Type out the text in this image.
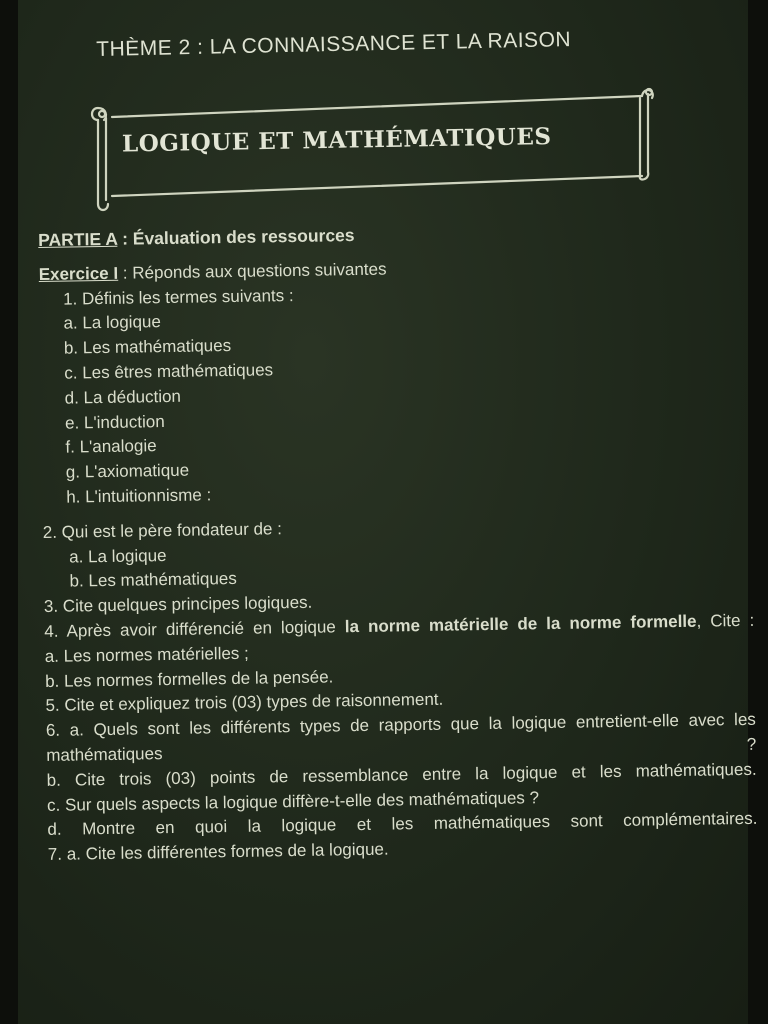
THÈME 2 : LA CONNAISSANCE ET LA RAISON
LOGIQUE ET MATHÉMATIQUES
PARTIE A : Évaluation des ressources
Exercice I : Réponds aux questions suivantes
1. Définis les termes suivants :
a. La logique
b. Les mathématiques
c. Les êtres mathématiques
d. La déduction
e. L'induction
f. L'analogie
g. L'axiomatique
h. L'intuitionnisme :
2. Qui est le père fondateur de :
a. La logique
b. Les mathématiques
3. Cite quelques principes logiques.
4. Après avoir différencié en logique la norme matérielle de la norme formelle, Cite :
a. Les normes matérielles ;
b. Les normes formelles de la pensée.
5. Cite et expliquez trois (03) types de raisonnement.
6. a. Quels sont les différents types de rapports que la logique entretient-elle avec les mathématiques ?
b. Cite trois (03) points de ressemblance entre la logique et les mathématiques.
c. Sur quels aspects la logique diffère-t-elle des mathématiques ?
d. Montre en quoi la logique et les mathématiques sont complémentaires.
7. a. Cite les différentes formes de la logique.
